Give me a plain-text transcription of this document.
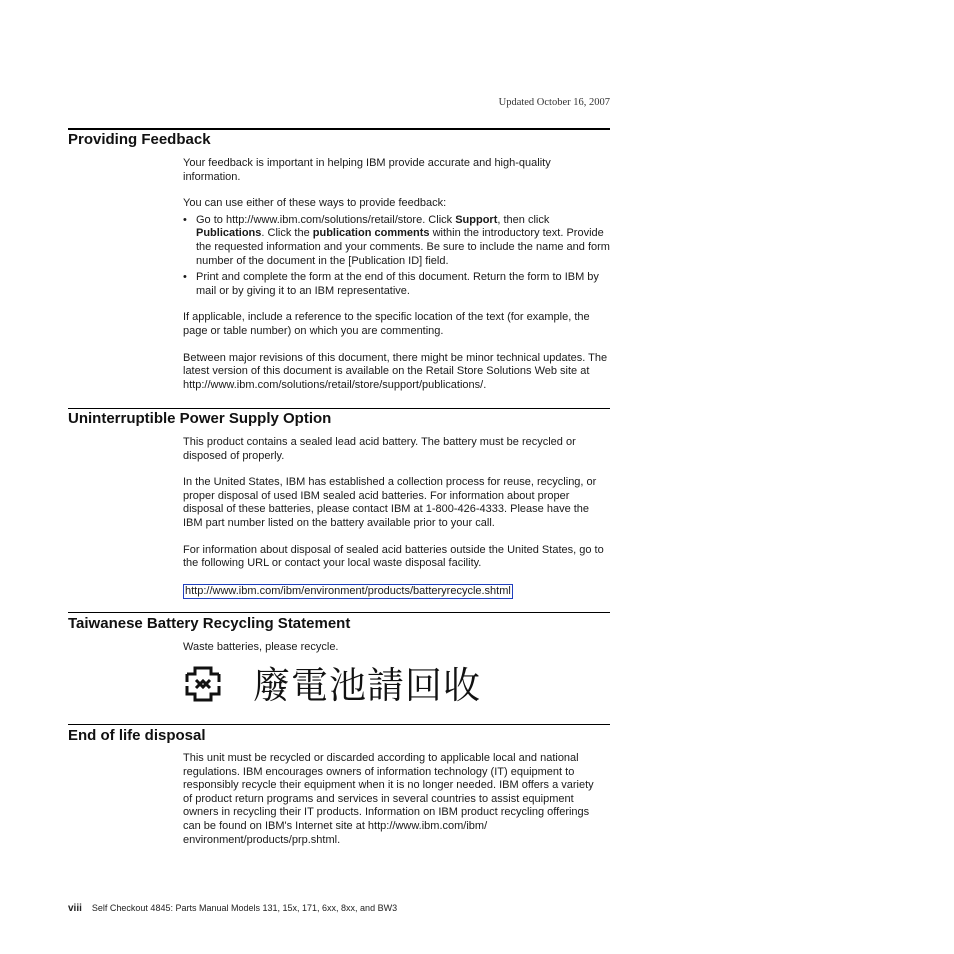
Updated October 16, 2007
Providing Feedback

Your feedback is important in helping IBM provide accurate and high-quality information.

You can use either of these ways to provide feedback:

• Go to http://www.ibm.com/solutions/retail/store. Click Support, then click Publications. Click the publication comments within the introductory text. Provide the requested information and your comments. Be sure to include the name and form number of the document in the [Publication ID] field.
• Print and complete the form at the end of this document. Return the form to IBM by mail or by giving it to an IBM representative.

If applicable, include a reference to the specific location of the text (for example, the page or table number) on which you are commenting.

Between major revisions of this document, there might be minor technical updates. The latest version of this document is available on the Retail Store Solutions Web site at http://www.ibm.com/solutions/retail/store/support/publications/.

Uninterruptible Power Supply Option

This product contains a sealed lead acid battery. The battery must be recycled or disposed of properly.

In the United States, IBM has established a collection process for reuse, recycling, or proper disposal of used IBM sealed acid batteries. For information about proper disposal of these batteries, please contact IBM at 1-800-426-4333. Please have the IBM part number listed on the battery available prior to your call.

For information about disposal of sealed acid batteries outside the United States, go to the following URL or contact your local waste disposal facility.

http://www.ibm.com/ibm/environment/products/batteryrecycle.shtml

Taiwanese Battery Recycling Statement

Waste batteries, please recycle.

廢電池請回收
End of life disposal

This unit must be recycled or discarded according to applicable local and national regulations. IBM encourages owners of information technology (IT) equipment to responsibly recycle their equipment when it is no longer needed. IBM offers a variety of product return programs and services in several countries to assist equipment owners in recycling their IT products. Information on IBM product recycling offerings can be found on IBM's Internet site at http://www.ibm.com/ibm/ environment/products/prp.shtml.

viii Self Checkout 4845: Parts Manual Models 131, 15x, 171, 6xx, 8xx, and BW3
